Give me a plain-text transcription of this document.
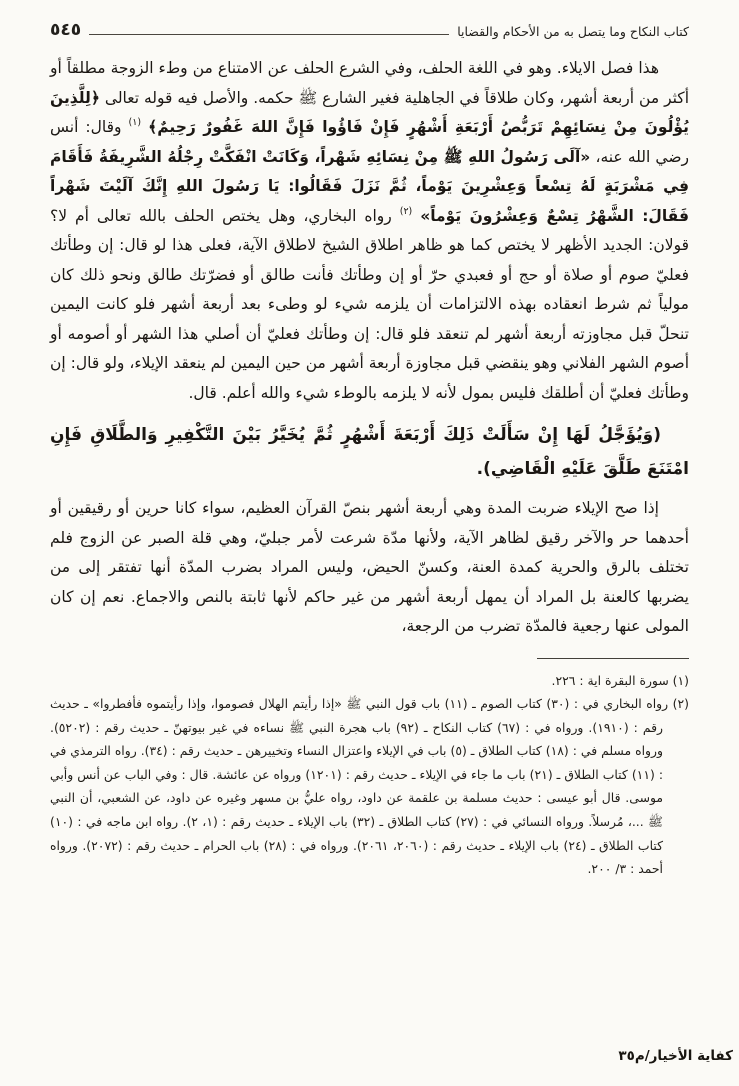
كتاب النكاح وما يتصل به من الأحكام والقضايا
٥٤٥

هذا فصل الايلاء. وهو في اللغة الحلف، وفي الشرع الحلف عن الامتناع من وطء الزوجة مطلقاً أو أكثر من أربعة أشهر، وكان طلاقاً في الجاهلية فغير الشارع ﷺ حكمه. والأصل فيه قوله تعالى ﴿لِلَّذِينَ يُؤْلُونَ مِنْ نِسَائِهِمْ تَرَبُّصُ أَرْبَعَةِ أَشْهُرٍ فَإِنْ فَاؤُوا فَإِنَّ اللهَ غَفُورٌ رَحِيمٌ﴾ $^{(١)}$ وقال: أنس رضي الله عنه، «آلَى رَسُولُ اللهِ ﷺ مِنْ نِسَائِهِ شَهْراً، وَكَانَتْ انْفَكَّتْ رِجْلُهُ الشَّرِيفَةُ فَأَقَامَ فِي مَشْرَبَةٍ لَهُ تِسْعاً وَعِشْرِينَ يَوْماً، ثُمَّ نَزَلَ فَقَالُوا: يَا رَسُولَ اللهِ إِنَّكَ آلَيْتَ شَهْراً فَقَالَ: الشَّهْرُ تِسْعٌ وَعِشْرُونَ يَوْماً» $^{(٢)}$ رواه البخاري، وهل يختص الحلف بالله تعالى أم لا؟ قولان: الجديد الأظهر لا يختص كما هو ظاهر اطلاق الشيخ لاطلاق الآية، فعلى هذا لو قال: إن وطأتك فعليّ صوم أو صلاة أو حج أو فعبدي حرّ أو إن وطأتك فأنت طالق أو فضرّتك طالق ونحو ذلك كان مولياً ثم شرط انعقاده بهذه الالتزامات أن يلزمه شيء لو وطىء بعد أربعة أشهر فلو كانت اليمين تنحلّ قبل مجاوزته أربعة أشهر لم تنعقد فلو قال: إن وطأتك فعليّ أن أصلي هذا الشهر أو أصومه أو أصوم الشهر الفلاني وهو ينقضي قبل مجاوزة أربعة أشهر من حين اليمين لم ينعقد الإيلاء، ولو قال: إن وطأتك فعليّ أن أطلقك فليس بمول لأنه لا يلزمه بالوطء شيء والله أعلم. قال.

(وَيُؤَجَّلُ لَهَا إِنْ سَأَلَتْ ذَلِكَ أَرْبَعَةَ أَشْهُرٍ ثُمَّ يُخَيَّرُ بَيْنَ التَّكْفِيرِ وَالطَّلَاقِ فَإِنِ امْتَنَعَ طَلَّقَ عَلَيْهِ الْقَاضِي).

إذا صح الإيلاء ضربت المدة وهي أربعة أشهر بنصّ القرآن العظيم، سواء كانا حرين أو رقيقين أو أحدهما حر والآخر رقيق لظاهر الآية، ولأنها مدّة شرعت لأمر جبليّ، وهي قلة الصبر عن الزوج فلم تختلف بالرق والحرية كمدة العنة، وكسنّ الحيض، وليس المراد بضرب المدّة أنها تفتقر إلى من يضربها كالعنة بل المراد أن يمهل أربعة أشهر من غير حاكم لأنها ثابتة بالنص والاجماع. نعم إن كان المولى عنها رجعية فالمدّة تضرب من الرجعة،

(١) سورة البقرة اية : ٢٢٦.

(٢) رواه البخاري في : (٣٠) كتاب الصوم ـ (١١) باب قول النبي ﷺ «إذا رأيتم الهلال فصوموا، وإذا رأيتموه فأفطروا» ـ حديث رقم : (١٩١٠). ورواه في : (٦٧) كتاب النكاح ـ (٩٢) باب هجرة النبي ﷺ نساءه في غير بيوتهنّ ـ حديث رقم : (٥٢٠٢). ورواه مسلم في : (١٨) كتاب الطلاق ـ (٥) باب في الإيلاء واعتزال النساء وتخييرهن ـ حديث رقم : (٣٤). رواه الترمذي في : (١١) كتاب الطلاق ـ (٢١) باب ما جاء في الإيلاء ـ حديث رقم : (١٢٠١) ورواه عن عائشة. قال : وفي الباب عن أنس وأبي موسى. قال أبو عيسى : حديث مسلمة بن علقمة عن داود، رواه عليُّ بن مسهر وغيره عن داود، عن الشعبي، أن النبي ﷺ ...، مُرسلاً. ورواه النسائي في : (٢٧) كتاب الطلاق ـ (٣٢) باب الإيلاء ـ حديث رقم : (١، ٢). رواه ابن ماجه في : (١٠) كتاب الطلاق ـ (٢٤) باب الإيلاء ـ حديث رقم : (٢٠٦٠، ٢٠٦١). ورواه في : (٢٨) باب الحرام ـ حديث رقم : (٢٠٧٢). ورواه أحمد : ٣/ ٢٠٠.

كفاية الأخيار/م٣٥
